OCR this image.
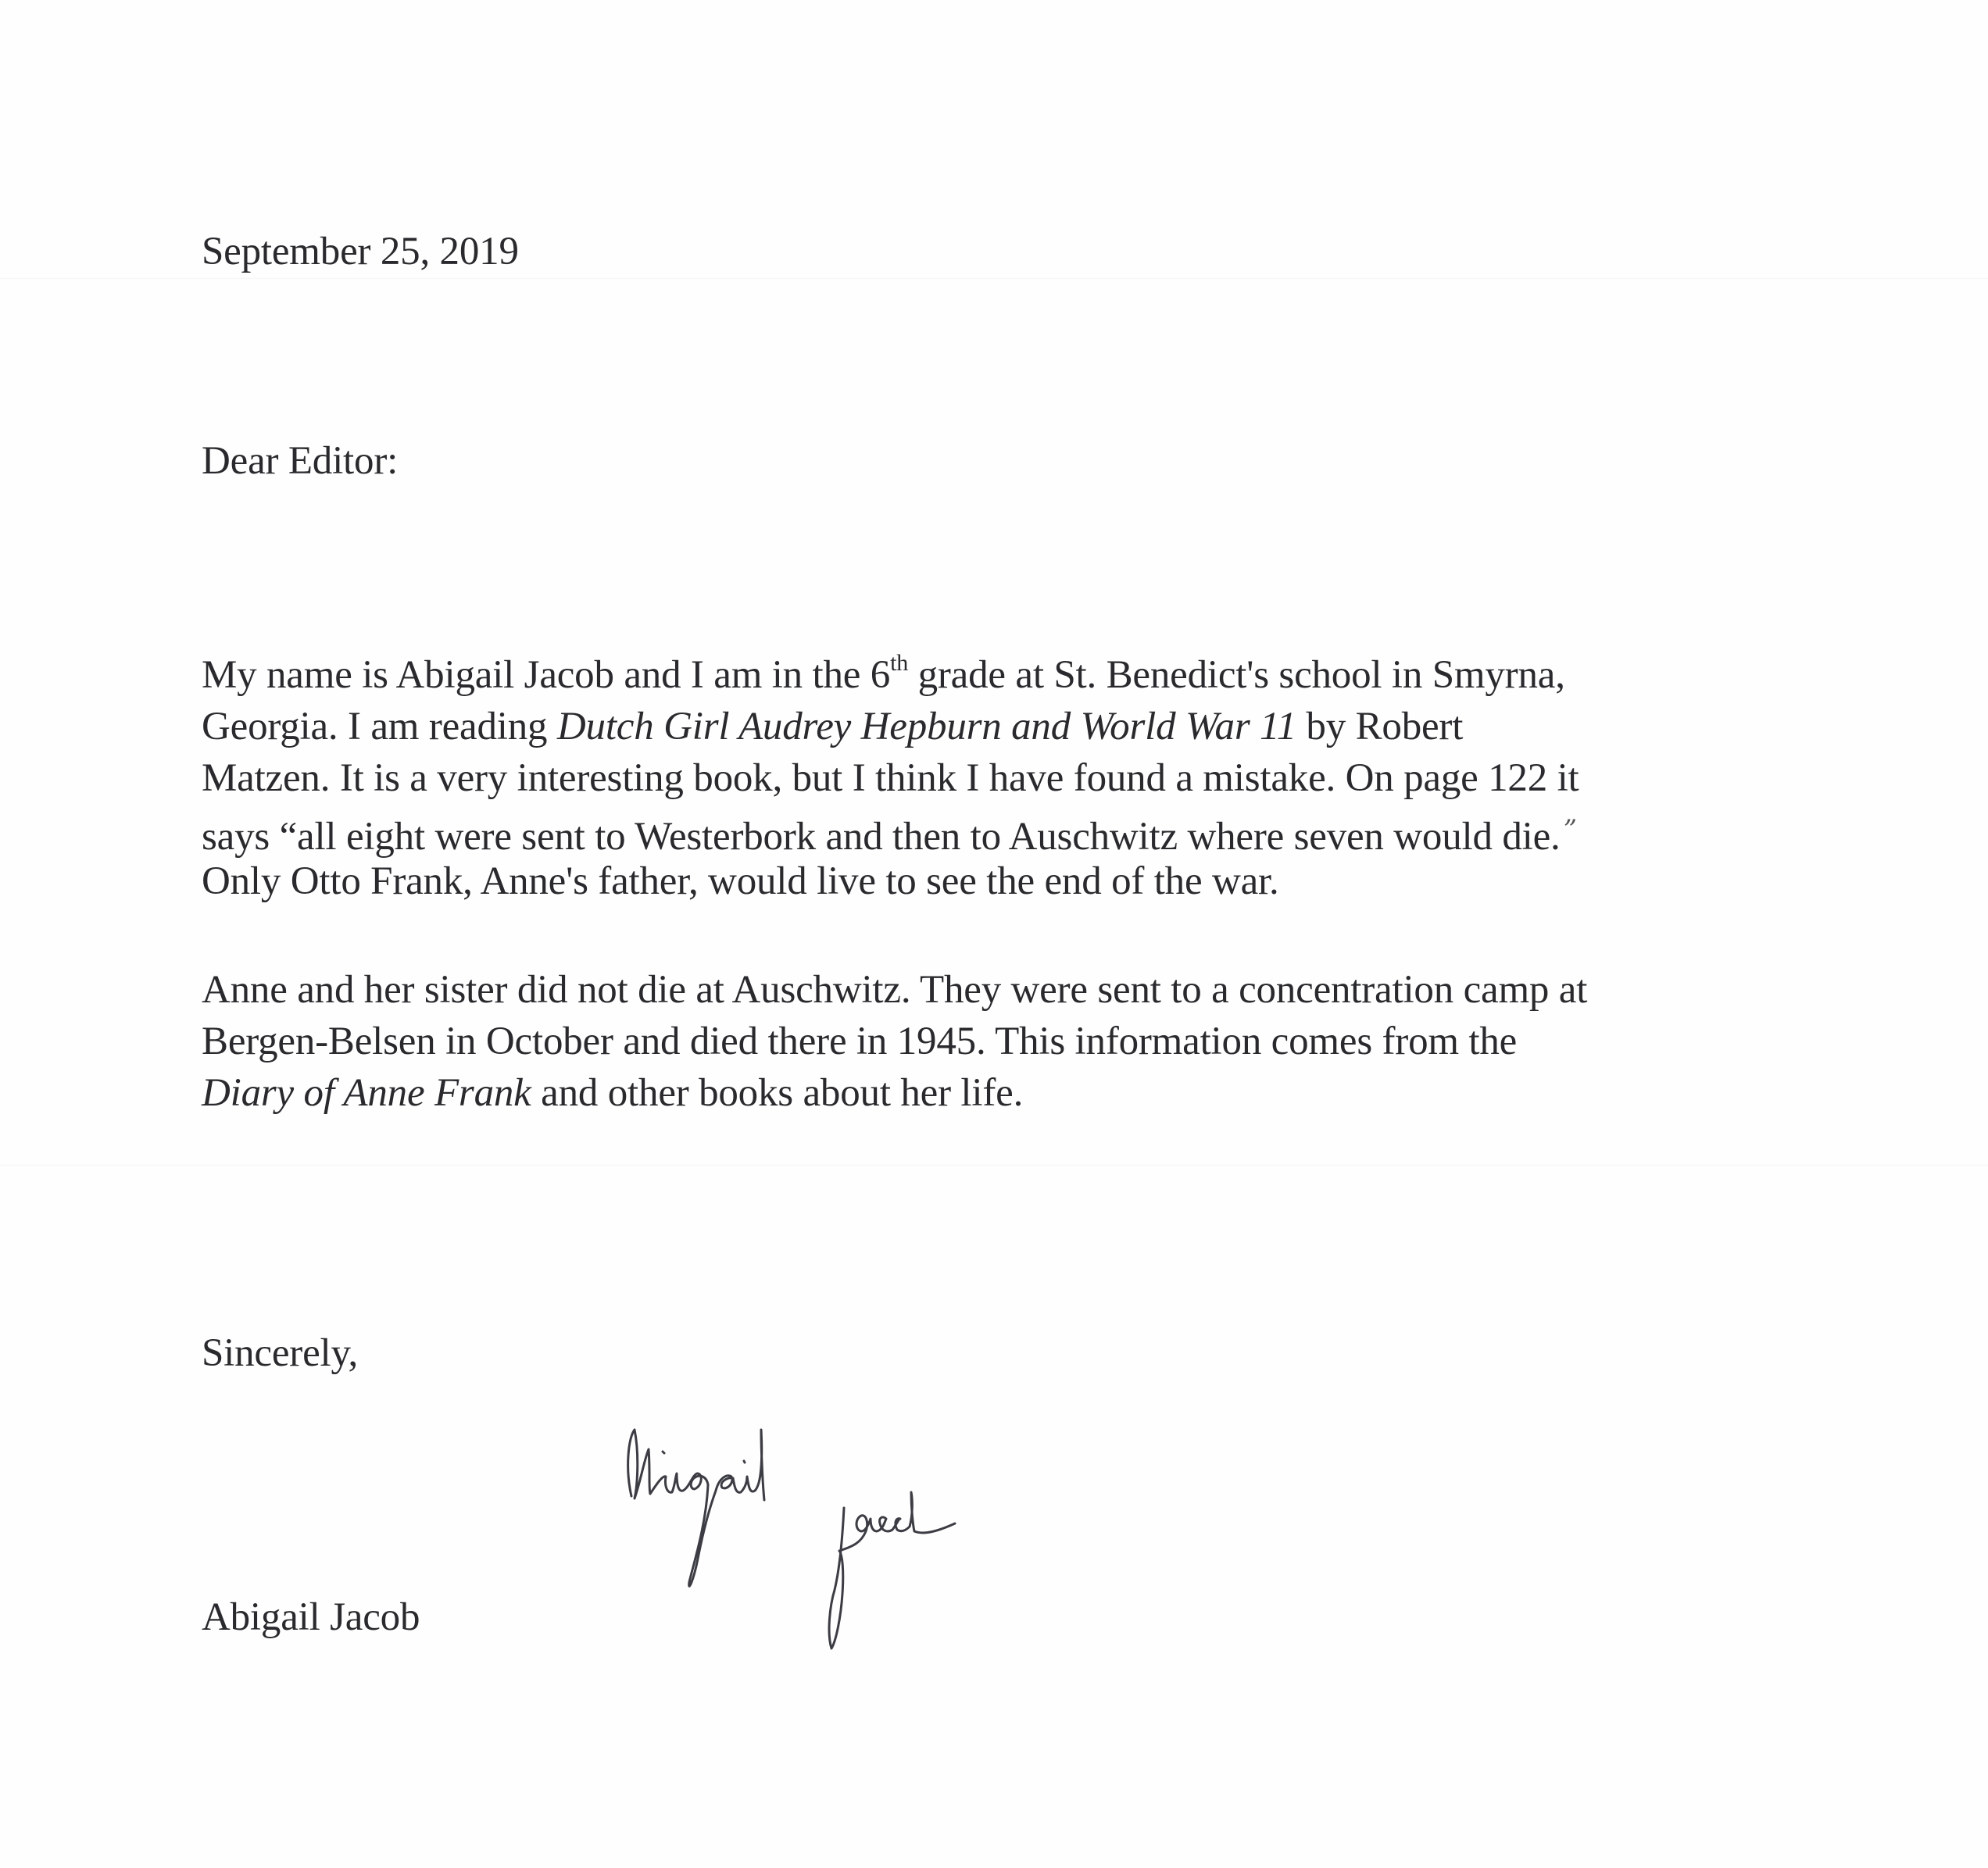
September 25, 2019
Dear Editor:
My name is Abigail Jacob and I am in the 6th grade at St. Benedict's school in Smyrna,
Georgia. I am reading Dutch Girl Audrey Hepburn and World War 11 by Robert
Matzen. It is a very interesting book, but I think I have found a mistake. On page 122 it
says “all eight were sent to Westerbork and then to Auschwitz where seven would die. ”
Only Otto Frank, Anne's father, would live to see the end of the war.
Anne and her sister did not die at Auschwitz. They were sent to a concentration camp at
Bergen-Belsen in October and died there in 1945. This information comes from the
Diary of Anne Frank and other books about her life.
Sincerely,
Abigail Jacob
